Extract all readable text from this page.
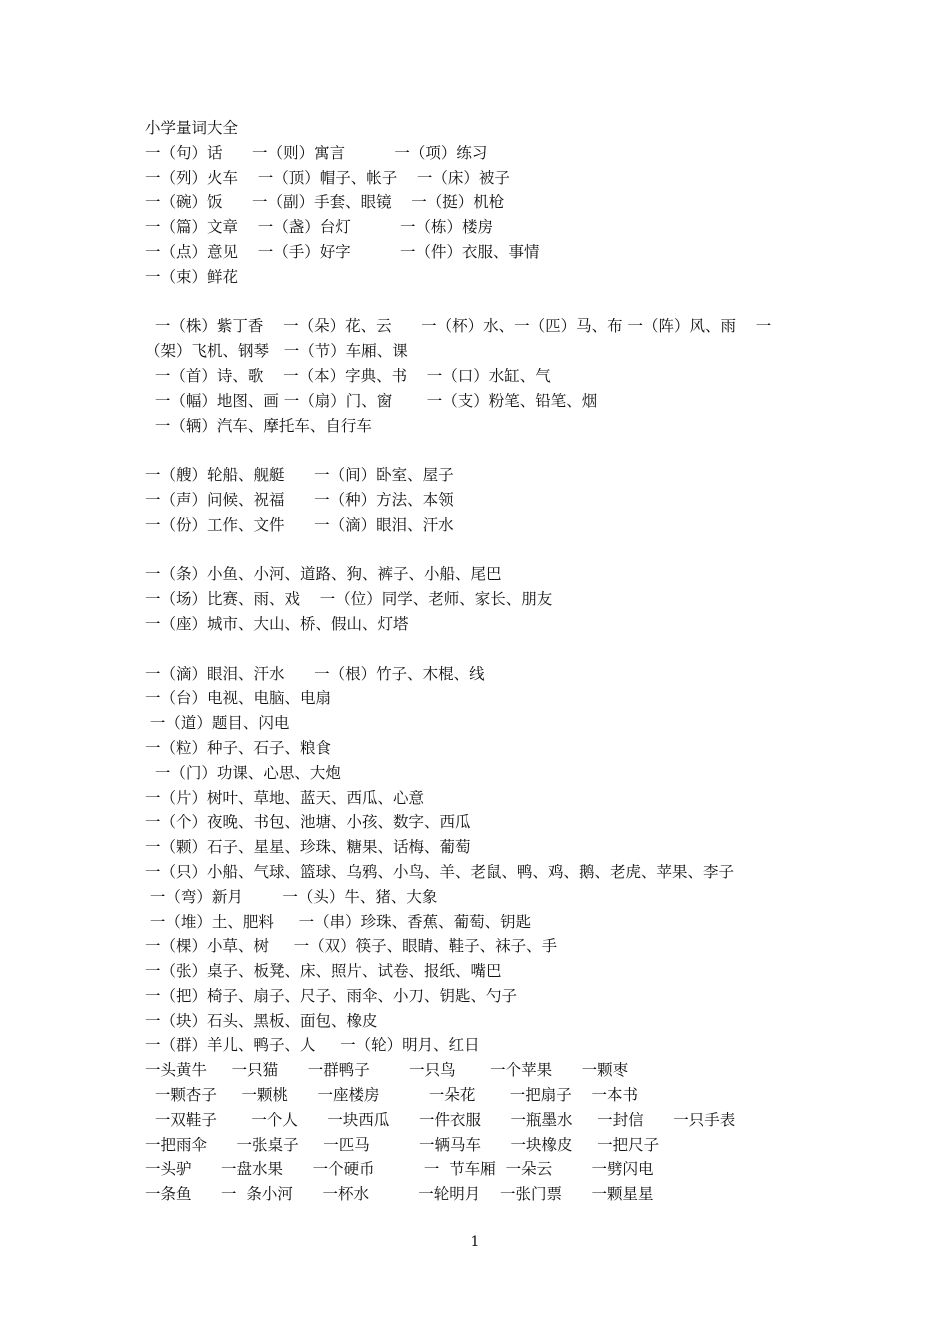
小学量词大全
一（句）话      一（则）寓言          一（项）练习
一（列）火车    一（顶）帽子、帐子    一（床）被子
一（碗）饭      一（副）手套、眼镜    一（挺）机枪
一（篇）文章    一（盏）台灯          一（栋）楼房
一（点）意见    一（手）好字          一（件）衣服、事情
一（束）鲜花
一（株）紫丁香    一（朵）花、云      一（杯）水、一（匹）马、布 一（阵）风、雨    一
（架）飞机、钢琴   一（节）车厢、课
一（首）诗、歌    一（本）字典、书    一（口）水缸、气
一（幅）地图、画 一（扇）门、窗       一（支）粉笔、铅笔、烟
一（辆）汽车、摩托车、自行车
一（艘）轮船、舰艇      一（间）卧室、屋子
一（声）问候、祝福      一（种）方法、本领
一（份）工作、文件      一（滴）眼泪、汗水
一（条）小鱼、小河、道路、狗、裤子、小船、尾巴
一（场）比赛、雨、戏    一（位）同学、老师、家长、朋友
一（座）城市、大山、桥、假山、灯塔
一（滴）眼泪、汗水      一（根）竹子、木棍、线
一（台）电视、电脑、电扇
一（道）题目、闪电
一（粒）种子、石子、粮食
一（门）功课、心思、大炮
一（片）树叶、草地、蓝天、西瓜、心意
一（个）夜晚、书包、池塘、小孩、数字、西瓜
一（颗）石子、星星、珍珠、糖果、话梅、葡萄
一（只）小船、气球、篮球、乌鸦、小鸟、羊、老鼠、鸭、鸡、鹅、老虎、苹果、李子
一（弯）新月        一（头）牛、猪、大象
一（堆）土、肥料     一（串）珍珠、香蕉、葡萄、钥匙
一（棵）小草、树     一（双）筷子、眼睛、鞋子、袜子、手
一（张）桌子、板凳、床、照片、试卷、报纸、嘴巴
一（把）椅子、扇子、尺子、雨伞、小刀、钥匙、勺子
一（块）石头、黑板、面包、橡皮
一（群）羊儿、鸭子、人     一（轮）明月、红日
一头黄牛     一只猫      一群鸭子        一只鸟       一个苹果      一颗枣
一颗杏子     一颗桃      一座楼房          一朵花       一把扇子    一本书
一双鞋子       一个人      一块西瓜      一件衣服      一瓶墨水     一封信      一只手表
一把雨伞      一张桌子     一匹马          一辆马车      一块橡皮     一把尺子
一头驴      一盘水果      一个硬币          一  节车厢  一朵云        一劈闪电
一条鱼      一  条小河      一杯水          一轮明月    一张门票      一颗星星
1
